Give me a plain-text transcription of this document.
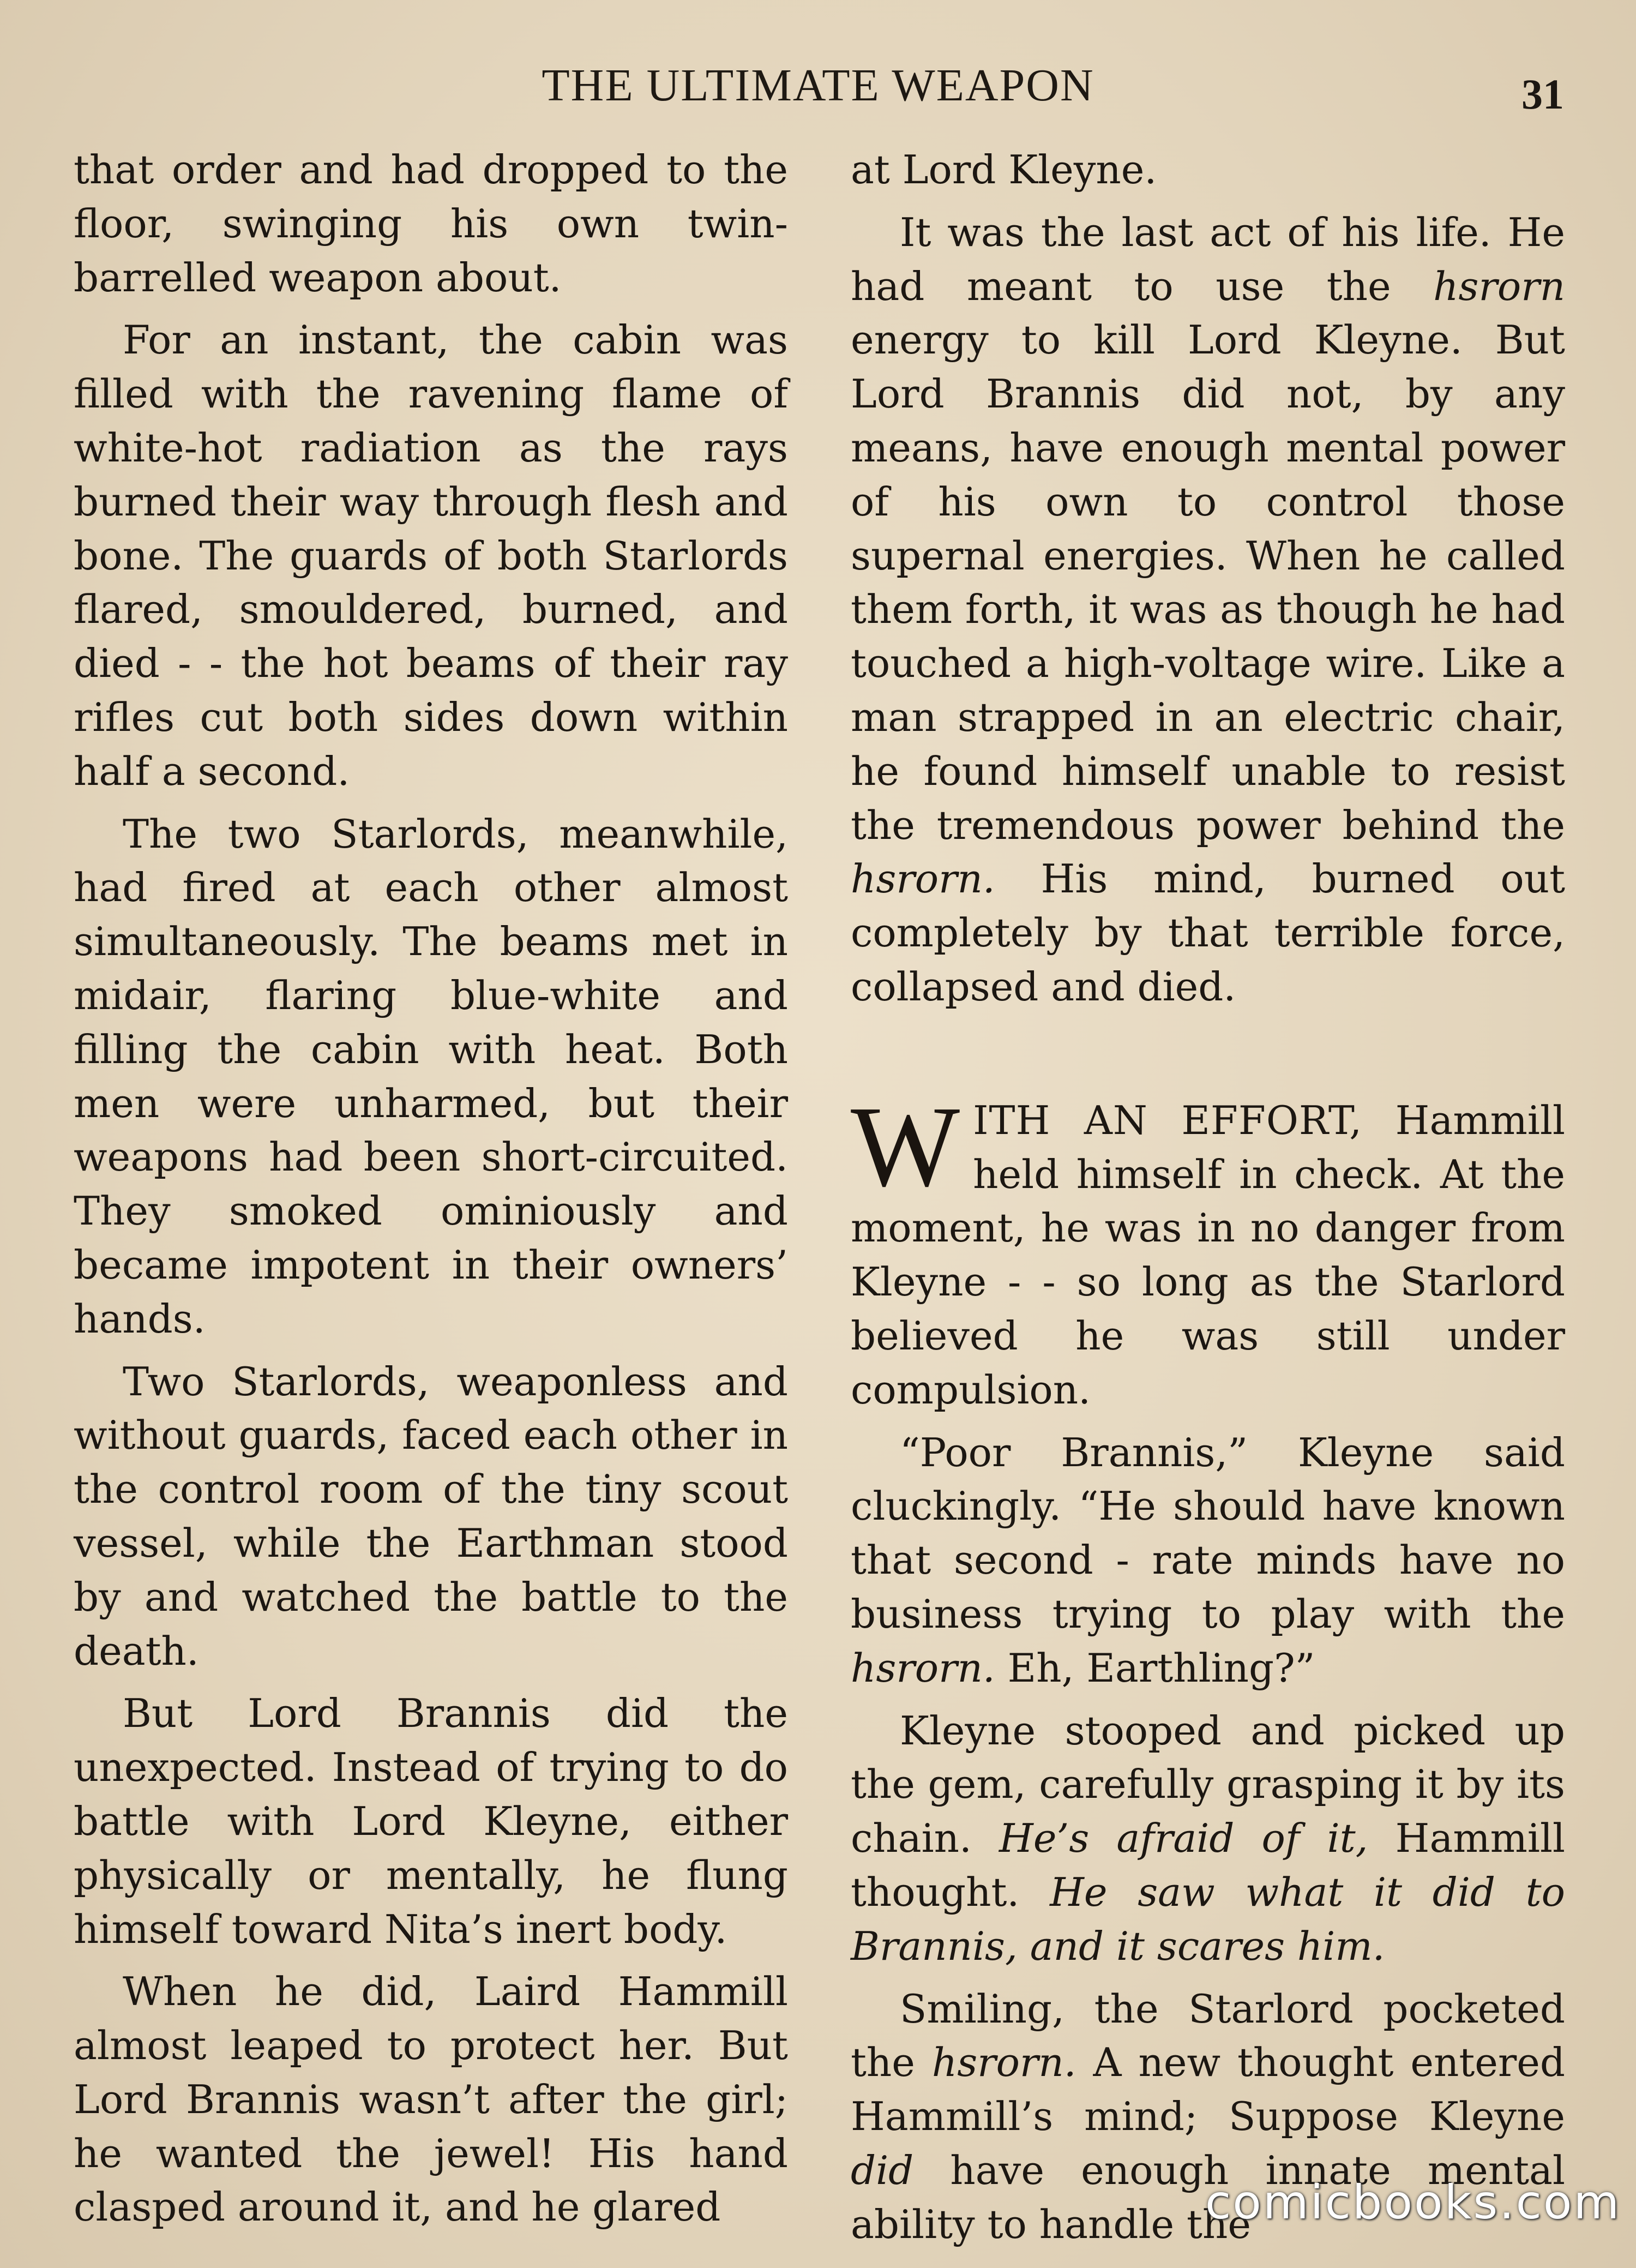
THE ULTIMATE WEAPON	31

that order and had dropped to the floor, swinging his own twin-barrelled weapon about.

For an instant, the cabin was filled with the ravening flame of white-hot radiation as the rays burned their way through flesh and bone. The guards of both Starlords flared, smouldered, burned, and died - - the hot beams of their ray rifles cut both sides down within half a second.

The two Starlords, meanwhile, had fired at each other almost simultaneously. The beams met in midair, flaring blue-white and filling the cabin with heat. Both men were unharmed, but their weapons had been short-circuited. They smoked ominiously and became impotent in their owners’ hands.

Two Starlords, weaponless and without guards, faced each other in the control room of the tiny scout vessel, while the Earthman stood by and watched the battle to the death.

But Lord Brannis did the unexpected. Instead of trying to do battle with Lord Kleyne, either physically or mentally, he flung himself toward Nita’s inert body.

When he did, Laird Hammill almost leaped to protect her. But Lord Brannis wasn’t after the girl; he wanted the jewel! His hand clasped around it, and he glared

at Lord Kleyne.

It was the last act of his life. He had meant to use the hsrorn energy to kill Lord Kleyne. But Lord Brannis did not, by any means, have enough mental power of his own to control those supernal energies. When he called them forth, it was as though he had touched a high-voltage wire. Like a man strapped in an electric chair, he found himself unable to resist the tremendous power behind the hsrorn. His mind, burned out completely by that terrible force, collapsed and died.

WITH AN EFFORT, Hammill held himself in check. At the moment, he was in no danger from Kleyne - - so long as the Starlord believed he was still under compulsion.

“Poor Brannis,” Kleyne said cluckingly. “He should have known that second - rate minds have no business trying to play with the hsrorn. Eh, Earthling?”

Kleyne stooped and picked up the gem, carefully grasping it by its chain. He’s afraid of it, Hammill thought. He saw what it did to Brannis, and it scares him.

Smiling, the Starlord pocketed the hsrorn. A new thought entered Hammill’s mind; Suppose Kleyne did have enough innate mental ability to handle the

comicbooks.com
